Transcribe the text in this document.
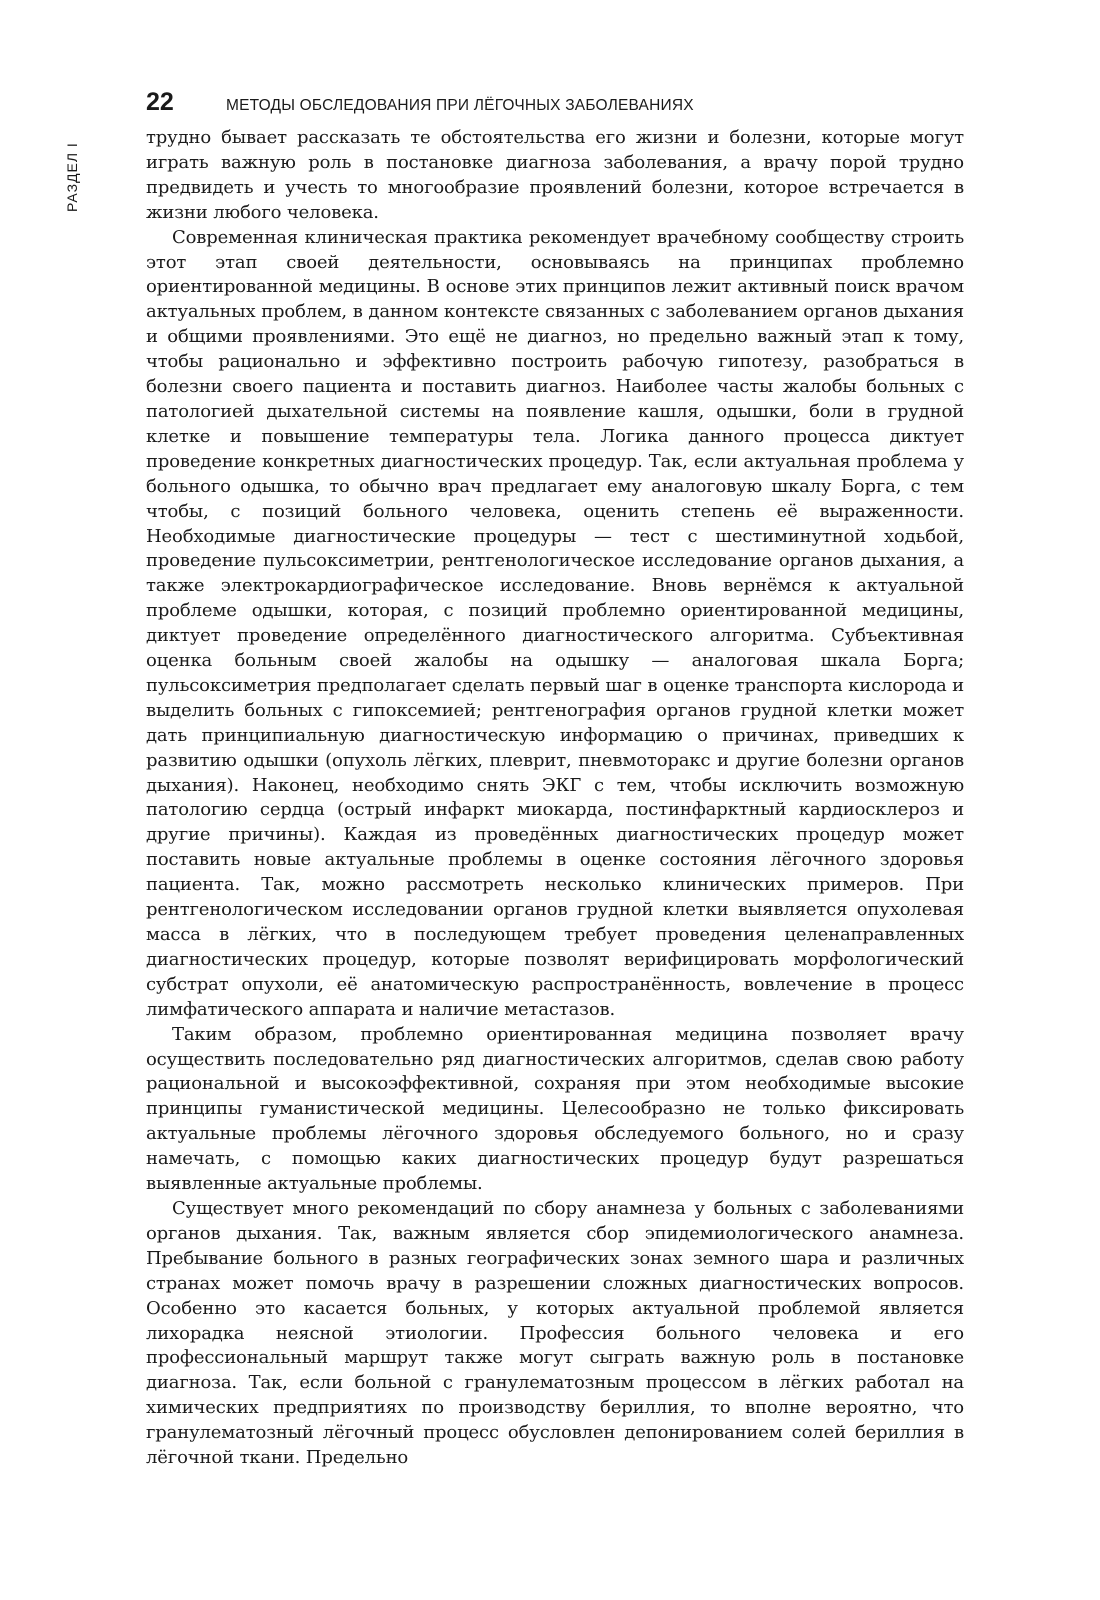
22	МЕТОДЫ ОБСЛЕДОВАНИЯ ПРИ ЛЁГОЧНЫХ ЗАБОЛЕВАНИЯХ
РАЗДЕЛ I

трудно бывает рассказать те обстоятельства его жизни и болезни, которые могут играть важную роль в постановке диагноза заболевания, а врачу порой трудно предвидеть и учесть то многообразие проявлений болезни, которое встречается в жизни любого человека.

Современная клиническая практика рекомендует врачебному сообществу строить этот этап своей деятельности, основываясь на принципах проблемно ориентированной медицины. В основе этих принципов лежит активный поиск врачом актуальных проблем, в данном контексте связанных с заболеванием органов дыхания и общими проявлениями. Это ещё не диагноз, но предельно важный этап к тому, чтобы рационально и эффективно построить рабочую гипотезу, разобраться в болезни своего пациента и поставить диагноз. Наиболее часты жалобы больных с патологией дыхательной системы на появление кашля, одышки, боли в грудной клетке и повышение температуры тела. Логика данного процесса диктует проведение конкретных диагностических процедур. Так, если актуальная проблема у больного одышка, то обычно врач предлагает ему аналоговую шкалу Борга, с тем чтобы, с позиций больного человека, оценить степень её выраженности. Необходимые диагностические процедуры — тест с шестиминутной ходьбой, проведение пульсоксиметрии, рентгенологическое исследование органов дыхания, а также электрокардиографическое исследование. Вновь вернёмся к актуальной проблеме одышки, которая, с позиций проблемно ориентированной медицины, диктует проведение определённого диагностического алгоритма. Субъективная оценка больным своей жалобы на одышку — аналоговая шкала Борга; пульсоксиметрия предполагает сделать первый шаг в оценке транспорта кислорода и выделить больных с гипоксемией; рентгенография органов грудной клетки может дать принципиальную диагностическую информацию о причинах, приведших к развитию одышки (опухоль лёгких, плеврит, пневмоторакс и другие болезни органов дыхания). Наконец, необходимо снять ЭКГ с тем, чтобы исключить возможную патологию сердца (острый инфаркт миокарда, постинфарктный кардиосклероз и другие причины). Каждая из проведённых диагностических процедур может поставить новые актуальные проблемы в оценке состояния лёгочного здоровья пациента. Так, можно рассмотреть несколько клинических примеров. При рентгенологическом исследовании органов грудной клетки выявляется опухолевая масса в лёгких, что в последующем требует проведения целенаправленных диагностических процедур, которые позволят верифицировать морфологический субстрат опухоли, её анатомическую распространённость, вовлечение в процесс лимфатического аппарата и наличие метастазов.

Таким образом, проблемно ориентированная медицина позволяет врачу осуществить последовательно ряд диагностических алгоритмов, сделав свою работу рациональной и высокоэффективной, сохраняя при этом необходимые высокие принципы гуманистической медицины. Целесообразно не только фиксировать актуальные проблемы лёгочного здоровья обследуемого больного, но и сразу намечать, с помощью каких диагностических процедур будут разрешаться выявленные актуальные проблемы.

Существует много рекомендаций по сбору анамнеза у больных с заболеваниями органов дыхания. Так, важным является сбор эпидемиологического анамнеза. Пребывание больного в разных географических зонах земного шара и различных странах может помочь врачу в разрешении сложных диагностических вопросов. Особенно это касается больных, у которых актуальной проблемой является лихорадка неясной этиологии. Профессия больного человека и его профессиональный маршрут также могут сыграть важную роль в постановке диагноза. Так, если больной с гранулематозным процессом в лёгких работал на химических предприятиях по производству бериллия, то вполне вероятно, что гранулематозный лёгочный процесс обусловлен депонированием солей бериллия в лёгочной ткани. Предельно
